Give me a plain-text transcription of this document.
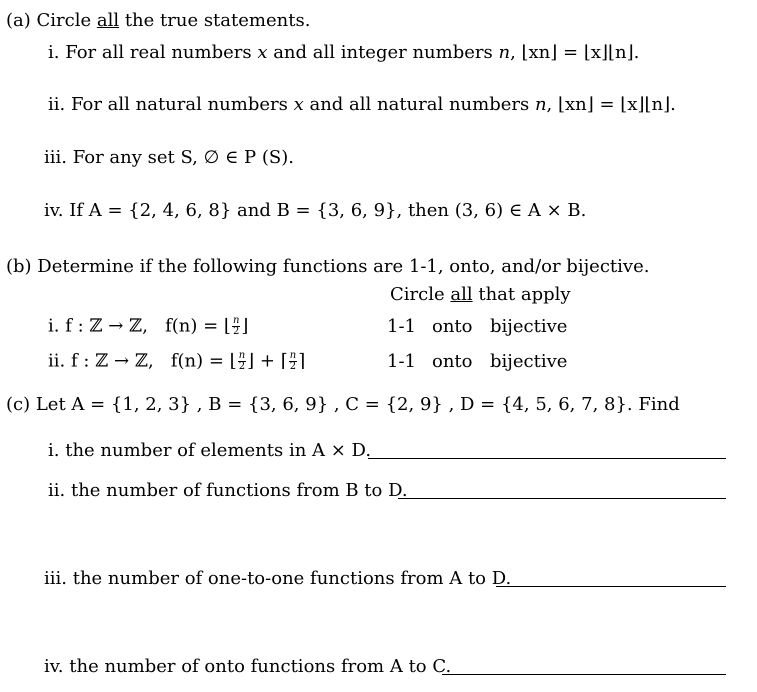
(a) Circle all the true statements.
i. For all real numbers x and all integer numbers n, ⌊xn⌋ = ⌊x⌋⌊n⌋.
ii. For all natural numbers x and all natural numbers n, ⌊xn⌋ = ⌊x⌋⌊n⌋.
iii. For any set S, ∅ ∈ P (S).
iv. If A = {2, 4, 6, 8} and B = {3, 6, 9}, then (3, 6) ∈ A × B.
(b) Determine if the following functions are 1-1, onto, and/or bijective.
Circle all that apply
i. f : ℤ → ℤ, f(n) = ⌊ $\frac{n}{2}$ ⌋	1-1 onto bijective
ii. f : ℤ → ℤ, f(n) = ⌊ $\frac{n}{2}$ ⌋ + ⌈ $\frac{n}{2}$ ⌉	1-1 onto bijective
(c) Let A = {1, 2, 3} , B = {3, 6, 9} , C = {2, 9} , D = {4, 5, 6, 7, 8}. Find
i. the number of elements in A × D.
ii. the number of functions from B to D.
iii. the number of one-to-one functions from A to D.
iv. the number of onto functions from A to C.
